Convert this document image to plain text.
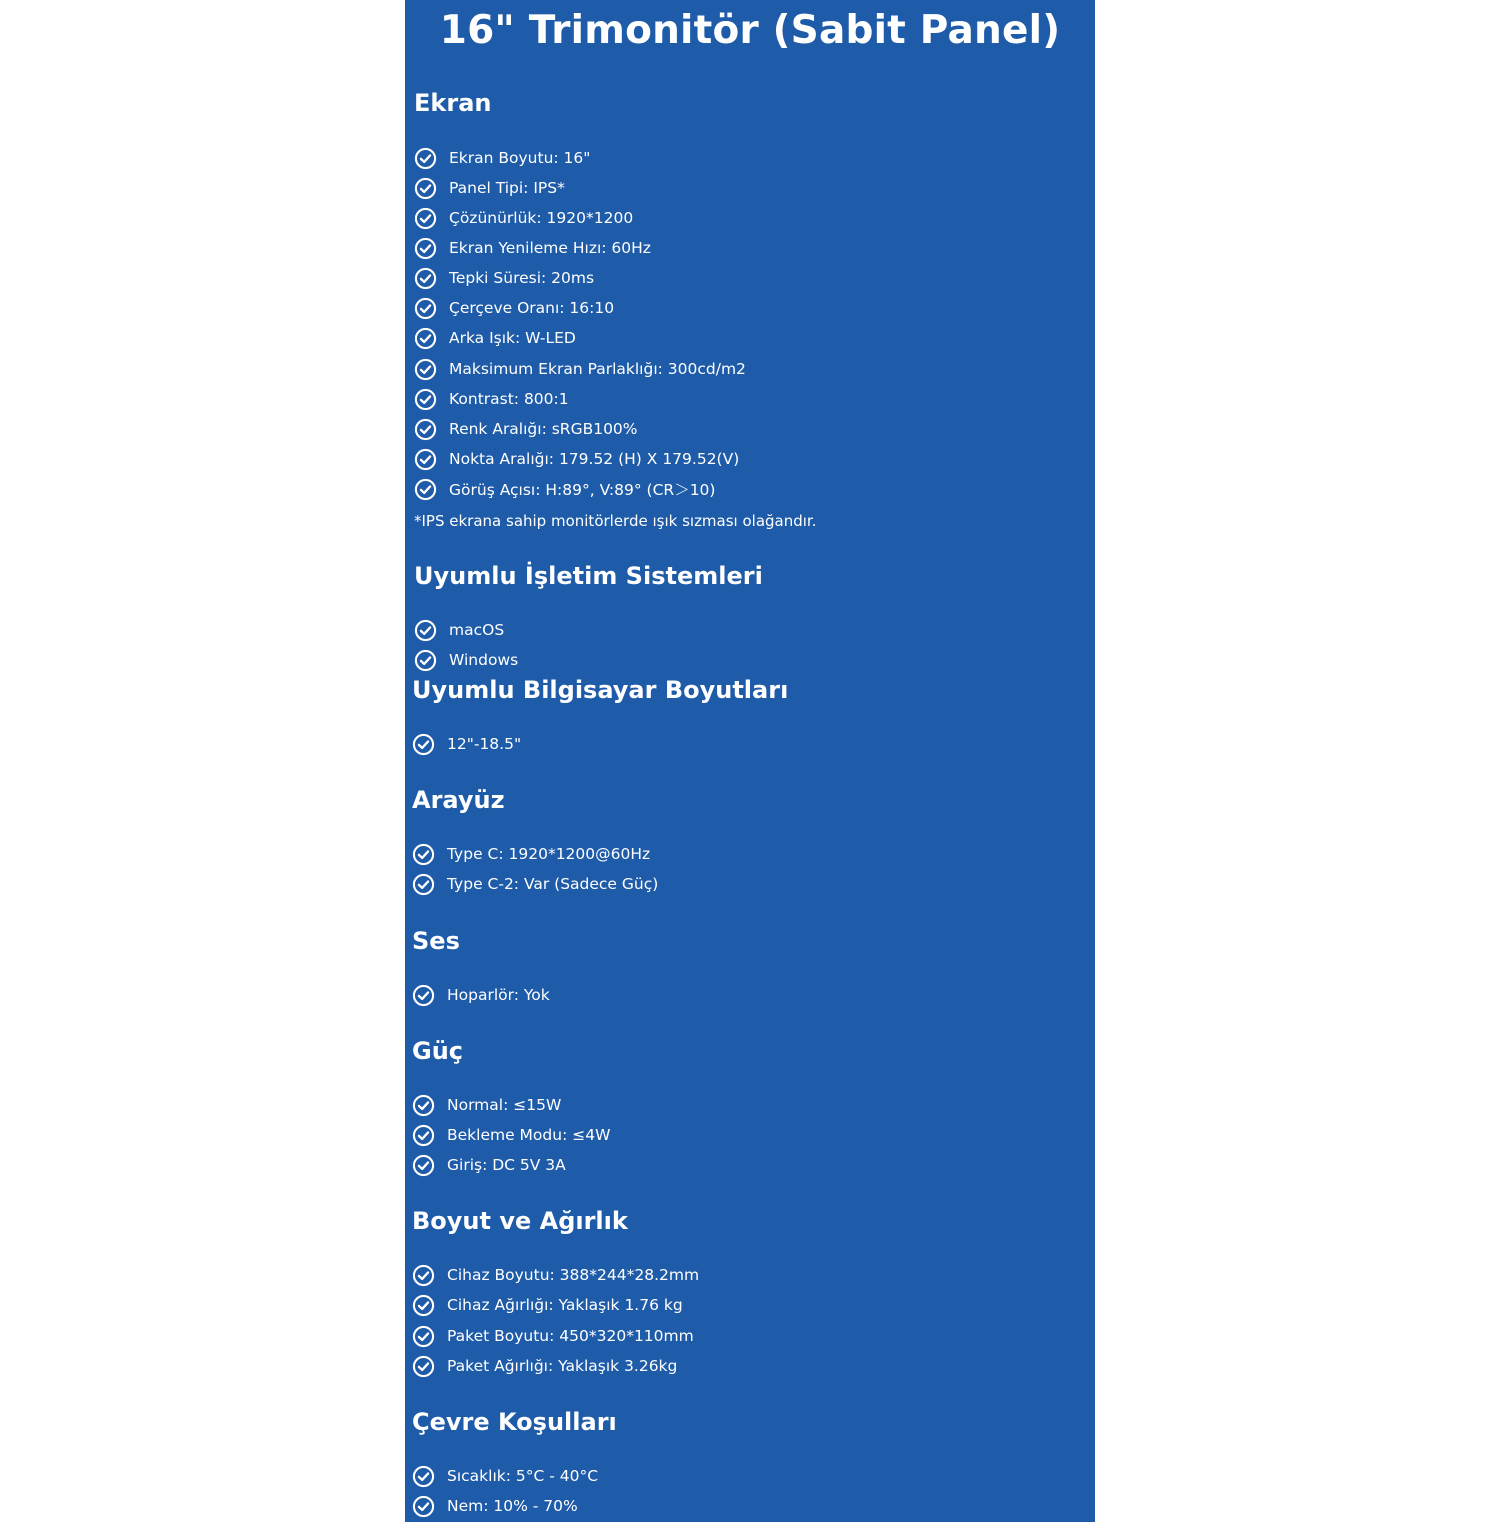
16" Trimonitör (Sabit Panel)
Ekran
Ekran Boyutu: 16"
Panel Tipi: IPS*
Çözünürlük: 1920*1200
Ekran Yenileme Hızı: 60Hz
Tepki Süresi: 20ms
Çerçeve Oranı: 16:10
Arka Işık: W-LED
Maksimum Ekran Parlaklığı: 300cd/m2
Kontrast: 800:1
Renk Aralığı: sRGB100%
Nokta Aralığı: 179.52 (H) X 179.52(V)
Görüş Açısı: H:89°, V:89° (CR＞10)
*IPS ekrana sahip monitörlerde ışık sızması olağandır.
Uyumlu İşletim Sistemleri
macOS
Windows
Uyumlu Bilgisayar Boyutları
12"-18.5"
Arayüz
Type C: 1920*1200@60Hz
Type C-2: Var (Sadece Güç)
Ses
Hoparlör: Yok
Güç
Normal: ≤15W
Bekleme Modu: ≤4W
Giriş: DC 5V 3A
Boyut ve Ağırlık
Cihaz Boyutu: 388*244*28.2mm
Cihaz Ağırlığı: Yaklaşık 1.76 kg
Paket Boyutu: 450*320*110mm
Paket Ağırlığı: Yaklaşık 3.26kg
Çevre Koşulları
Sıcaklık: 5°C - 40°C
Nem: 10% - 70%
